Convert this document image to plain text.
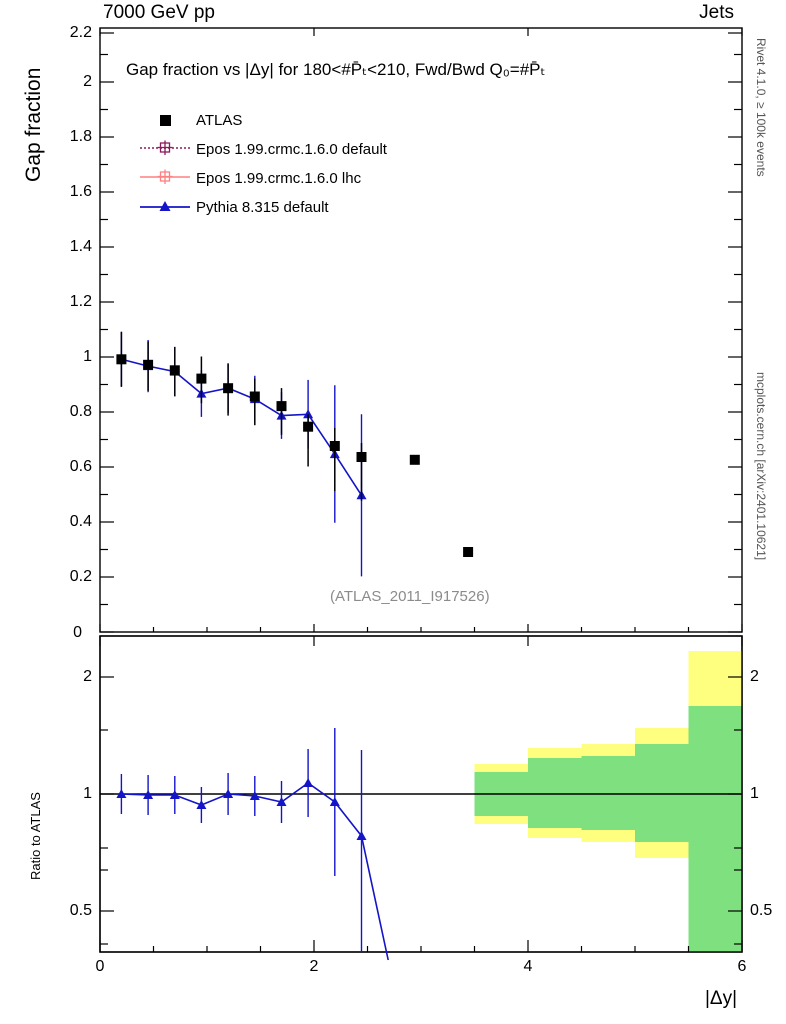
7000 GeV pp	Jets
Rivet 4.1.0, ≥ 100k events
mcplots.cern.ch [arXiv:2401.10621]
Gap fraction
Ratio to ATLAS
|Δy|
0
0.2
0.4
0.6
0.8
1
1.2
1.4
1.6
1.8
2
2.2
Gap fraction vs |Δy| for 180<#P̄ₜ<210, Fwd/Bwd Q₀=#P̄ₜ
ATLAS
Epos 1.99.crmc.1.6.0 default
Epos 1.99.crmc.1.6.0 lhc
Pythia 8.315 default
(ATLAS_2011_I917526)
0.5
1
2
0.5
1
2
0	2	4	6
